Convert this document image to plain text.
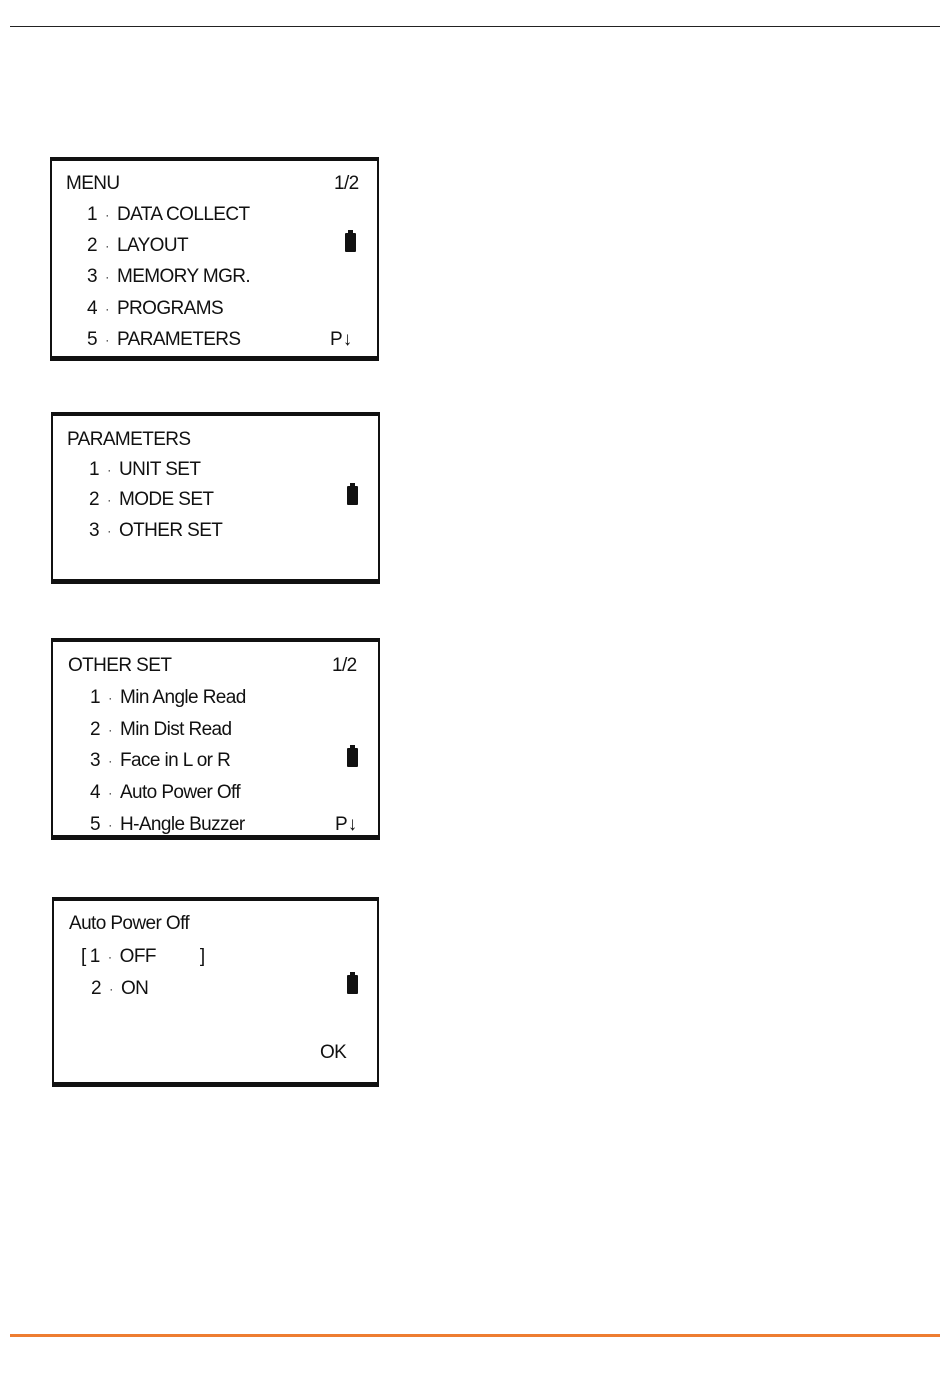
MENU	1/2
1 · DATA COLLECT
2 · LAYOUT
3 · MEMORY MGR.
4 · PROGRAMS
5 · PARAMETERS	P↓
PARAMETERS
1 · UNIT SET
2 · MODE SET
3 · OTHER SET
OTHER SET	1/2
1 · Min Angle Read
2 · Min Dist Read
3 · Face in L or R
4 · Auto Power Off
5 · H-Angle Buzzer	P↓
Auto Power Off
[ 1 · OFF ]
2 · ON
OK
